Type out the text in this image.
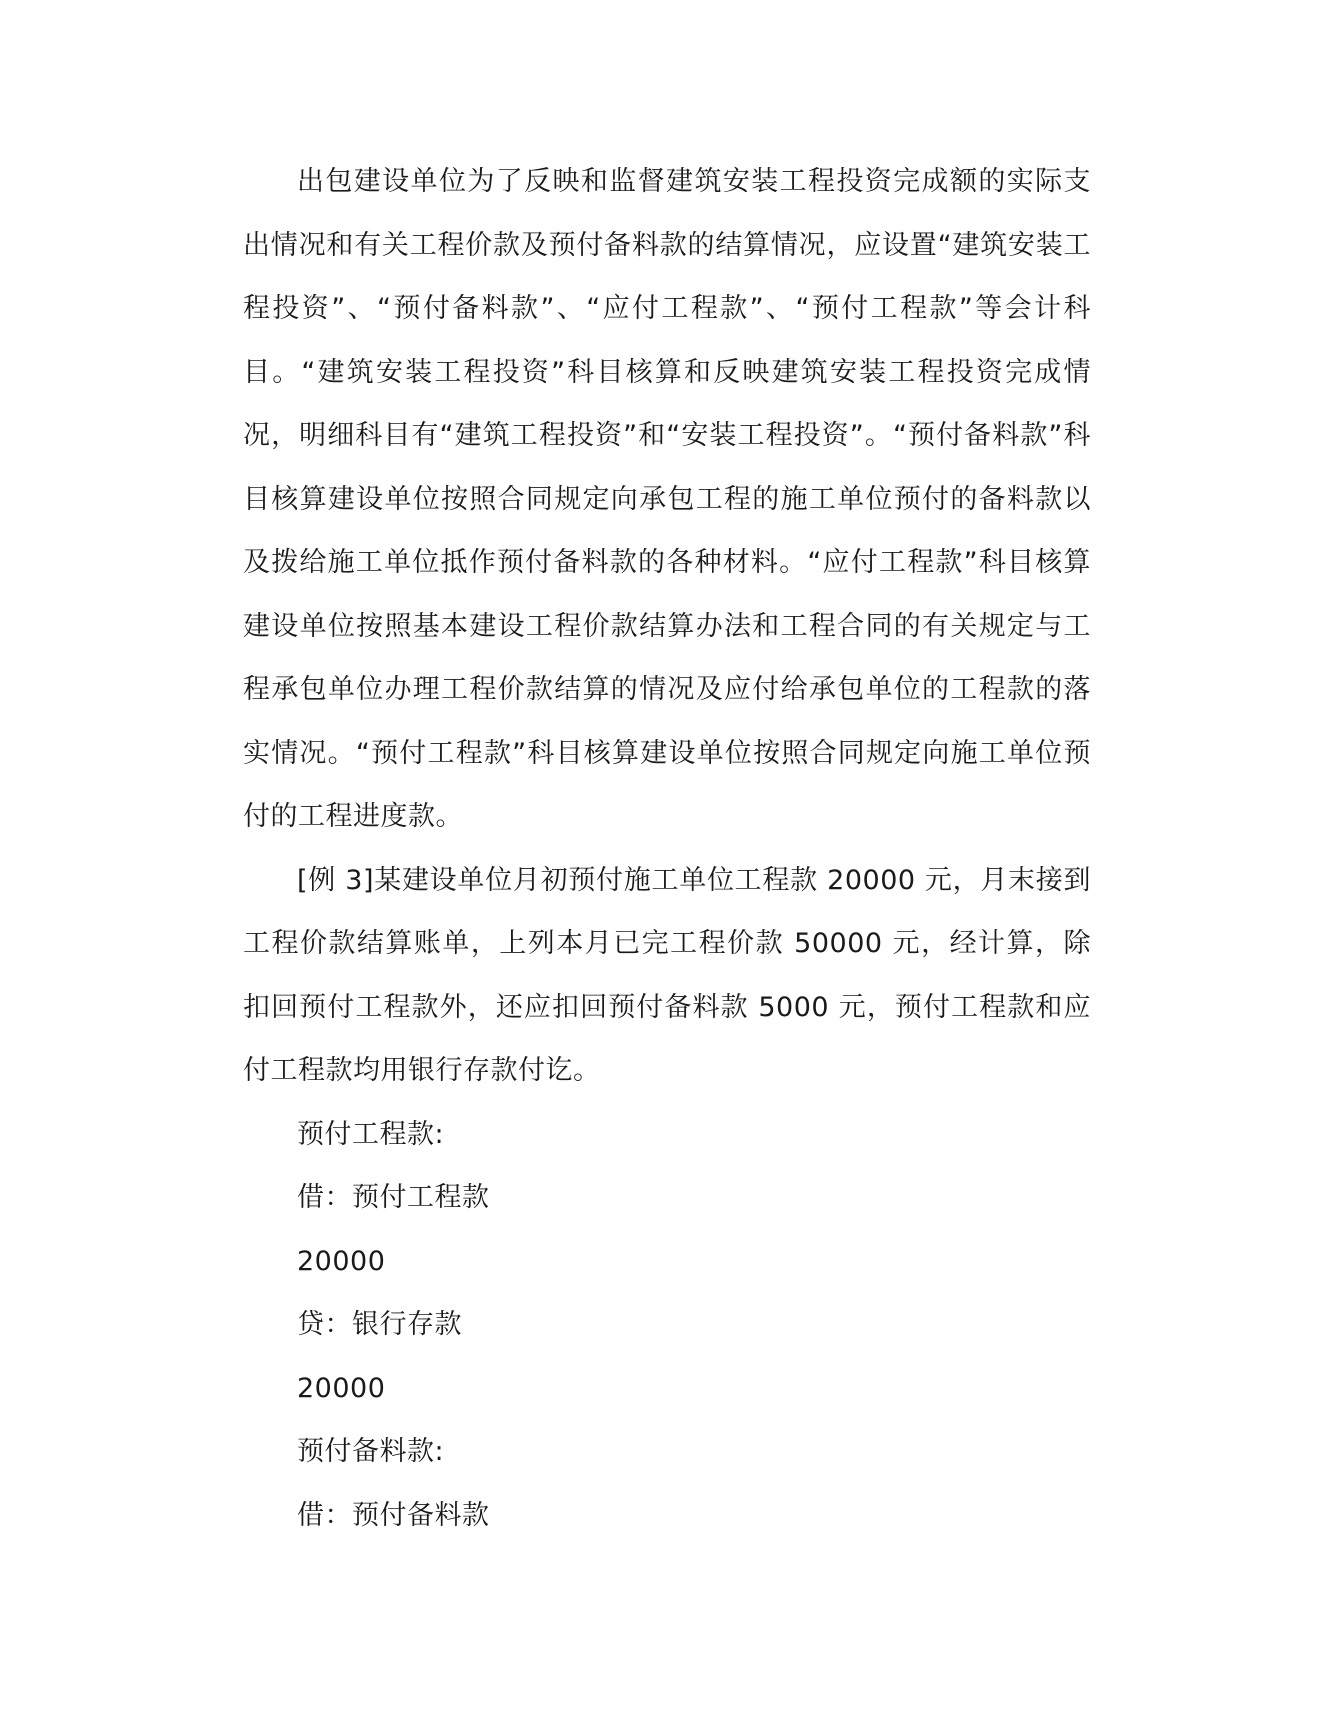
出包建设单位为了反映和监督建筑安装工程投资完成额的实际支出情况和有关工程价款及预付备料款的结算情况，应设置“建筑安装工程投资”、“预付备料款”、“应付工程款”、“预付工程款”等会计科目。“建筑安装工程投资”科目核算和反映建筑安装工程投资完成情况，明细科目有“建筑工程投资”和“安装工程投资”。“预付备料款”科目核算建设单位按照合同规定向承包工程的施工单位预付的备料款以及拨给施工单位抵作预付备料款的各种材料。“应付工程款”科目核算建设单位按照基本建设工程价款结算办法和工程合同的有关规定与工程承包单位办理工程价款结算的情况及应付给承包单位的工程款的落实情况。“预付工程款”科目核算建设单位按照合同规定向施工单位预付的工程进度款。

[例 3]某建设单位月初预付施工单位工程款 20000 元，月末接到工程价款结算账单，上列本月已完工程价款 50000 元，经计算，除扣回预付工程款外，还应扣回预付备料款 5000 元，预付工程款和应付工程款均用银行存款付讫。

预付工程款:

借：预付工程款

20000

贷：银行存款

20000

预付备料款:

借：预付备料款
